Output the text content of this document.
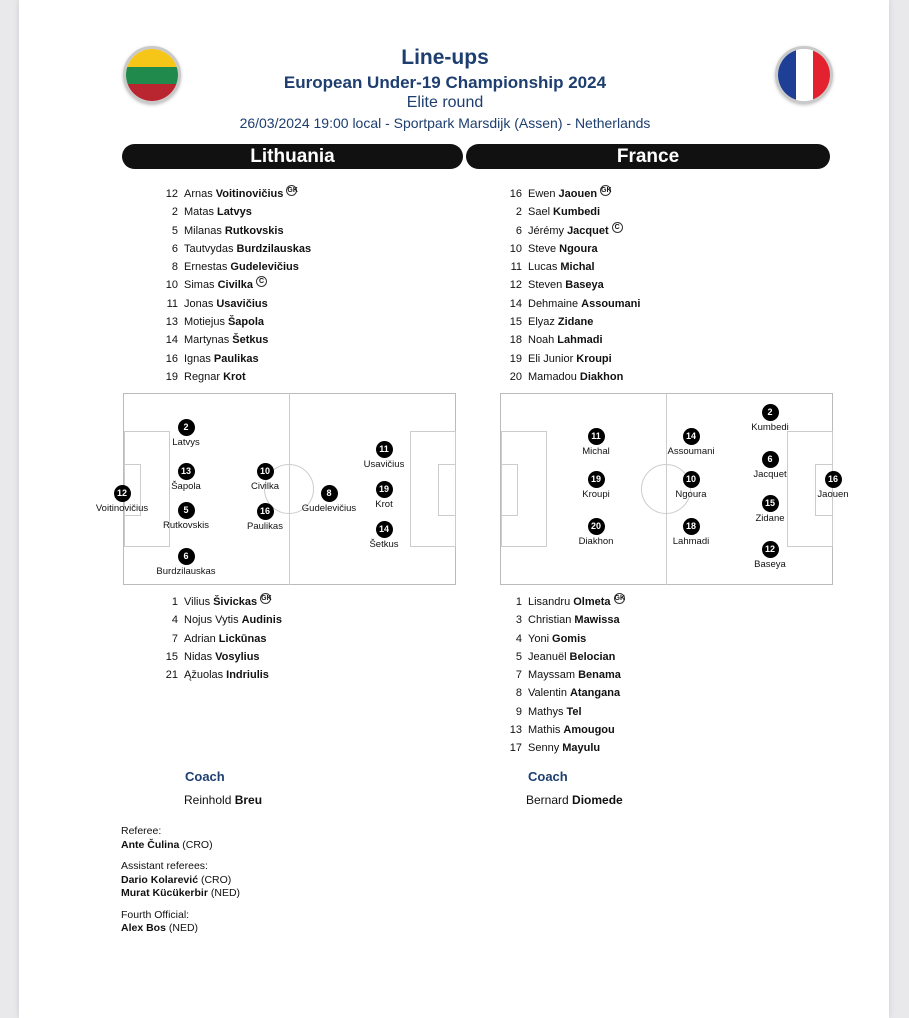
Line-ups
European Under-19 Championship 2024
Elite round
26/03/2024 19:00 local - Sportpark Marsdijk (Assen) - Netherlands
Lithuania	France
12 Arnas Voitinovičius GK
2 Matas Latvys
5 Milanas Rutkovskis
6 Tautvydas Burdzilauskas
8 Ernestas Gudelevičius
10 Simas Civilka C
11 Jonas Usavičius
13 Motiejus Šapola
14 Martynas Šetkus
16 Ignas Paulikas
19 Regnar Krot
16 Ewen Jaouen GK
2 Sael Kumbedi
6 Jérémy Jacquet C
10 Steve Ngoura
11 Lucas Michal
12 Steven Baseya
14 Dehmaine Assoumani
15 Elyaz Zidane
18 Noah Lahmadi
19 Eli Junior Kroupi
20 Mamadou Diakhon
12
Voitinovičius
2
Latvys
13
Šapola
5
Rutkovskis
6
Burdzilauskas
10
Civilka
16
Paulikas
8
Gudelevičius
11
Usavičius
19
Krot
14
Šetkus
11
Michal
19
Kroupi
20
Diakhon
14
Assoumani
10
Ngoura
18
Lahmadi
2
Kumbedi
6
Jacquet
15
Zidane
12
Baseya
16
Jaouen
1 Vilius Šivickas GK
4 Nojus Vytis Audinis
7 Adrian Lickūnas
15 Nidas Vosylius
21 Ąžuolas Indriulis
1 Lisandru Olmeta GK
3 Christian Mawissa
4 Yoni Gomis
5 Jeanuël Belocian
7 Mayssam Benama
8 Valentin Atangana
9 Mathys Tel
13 Mathis Amougou
17 Senny Mayulu
Coach
Reinhold Breu
Coach
Bernard Diomede
Referee:
Ante Čulina (CRO)
Assistant referees:
Dario Kolarević (CRO)
Murat Kücükerbir (NED)
Fourth Official:
Alex Bos (NED)
